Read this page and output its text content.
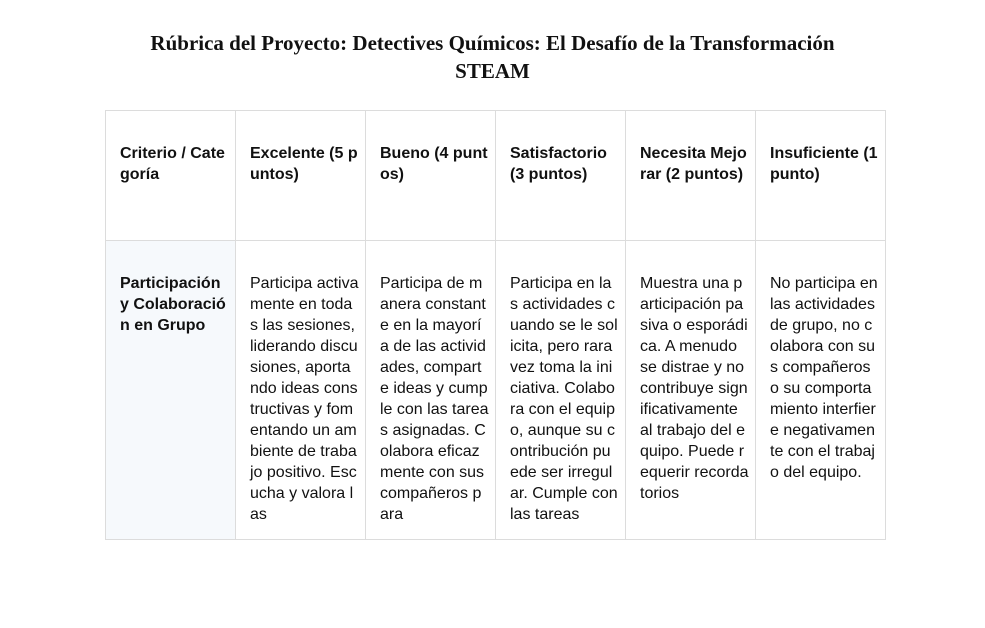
Rúbrica del Proyecto: Detectives Químicos: El Desafío de la Transformación
STEAM
Criterio / Categoría	Excelente (5 puntos)	Bueno (4 puntos)	Satisfactorio (3 puntos)	Necesita Mejorar (2 puntos)	Insuficiente (1 punto)
Participación y Colaboración en Grupo	Participa activamente en todas las sesiones, liderando discusiones, aportando ideas constructivas y fomentando un ambiente de trabajo positivo. Escucha y valora las	Participa de manera constante en la mayoría de las actividades, comparte ideas y cumple con las tareas asignadas. Colabora eficazmente con sus compañeros para	Participa en las actividades cuando se le solicita, pero rara vez toma la iniciativa. Colabora con el equipo, aunque su contribución puede ser irregular. Cumple con las tareas	Muestra una participación pasiva o esporádica. A menudo se distrae y no contribuye significativamente al trabajo del equipo. Puede requerir recordatorios	No participa en las actividades de grupo, no colabora con sus compañeros o su comportamiento interfiere negativamente con el trabajo del equipo.
